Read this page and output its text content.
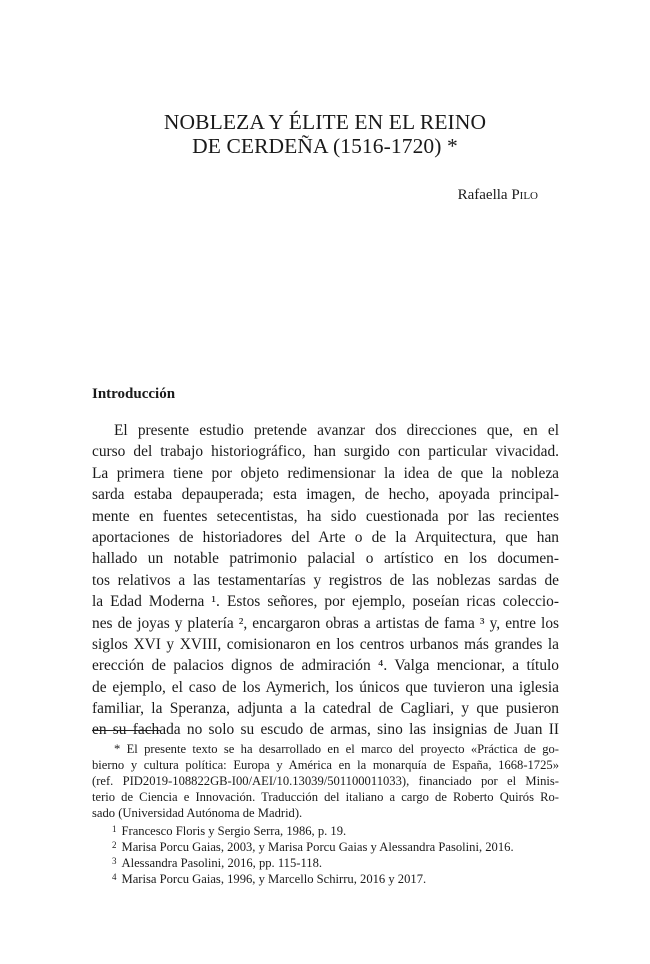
NOBLEZA Y ÉLITE EN EL REINO
DE CERDEÑA (1516-1720) *
Rafaella Pilo
Introducción
El presente estudio pretende avanzar dos direcciones que, en el
curso del trabajo historiográfico, han surgido con particular vivacidad.
La primera tiene por objeto redimensionar la idea de que la nobleza
sarda estaba depauperada; esta imagen, de hecho, apoyada principal-
mente en fuentes setecentistas, ha sido cuestionada por las recientes
aportaciones de historiadores del Arte o de la Arquitectura, que han
hallado un notable patrimonio palacial o artístico en los documen-
tos relativos a las testamentarías y registros de las noblezas sardas de
la Edad Moderna ¹. Estos señores, por ejemplo, poseían ricas coleccio-
nes de joyas y platería ², encargaron obras a artistas de fama ³ y, entre los
siglos XVI y XVIII, comisionaron en los centros urbanos más grandes la
erección de palacios dignos de admiración ⁴. Valga mencionar, a título
de ejemplo, el caso de los Aymerich, los únicos que tuvieron una iglesia
familiar, la Speranza, adjunta a la catedral de Cagliari, y que pusieron
en su fachada no solo su escudo de armas, sino las insignias de Juan II
* El presente texto se ha desarrollado en el marco del proyecto «Práctica de go-
bierno y cultura política: Europa y América en la monarquía de España, 1668-1725»
(ref. PID2019-108822GB-I00/AEI/10.13039/501100011033), financiado por el Minis-
terio de Ciencia e Innovación. Traducción del italiano a cargo de Roberto Quirós Ro-
sado (Universidad Autónoma de Madrid).
$^1$ Francesco Floris y Sergio Serra, 1986, p. 19.
$^2$ Marisa Porcu Gaias, 2003, y Marisa Porcu Gaias y Alessandra Pasolini, 2016.
$^3$ Alessandra Pasolini, 2016, pp. 115-118.
$^4$ Marisa Porcu Gaias, 1996, y Marcello Schirru, 2016 y 2017.
